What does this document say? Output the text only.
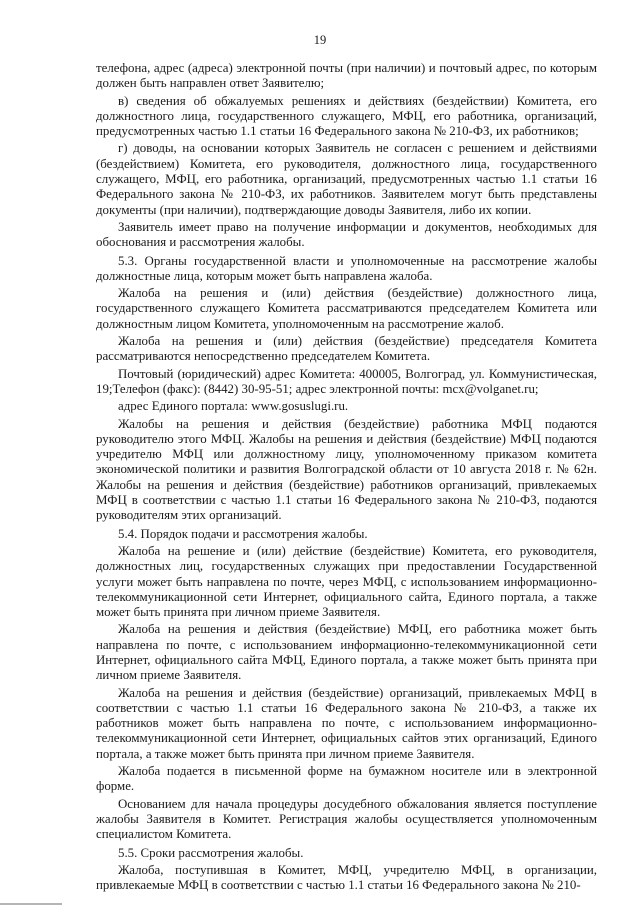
19

телефона, адрес (адреса) электронной почты (при наличии) и почтовый адрес, по которым должен быть направлен ответ Заявителю;

в) сведения об обжалуемых решениях и действиях (бездействии) Комитета, его должностного лица, государственного служащего, МФЦ, его работника, организаций, предусмотренных частью 1.1 статьи 16 Федерального закона № 210-ФЗ, их работников;

г) доводы, на основании которых Заявитель не согласен с решением и действиями (бездействием) Комитета, его руководителя, должностного лица, государственного служащего, МФЦ, его работника, организаций, предусмотренных частью 1.1 статьи 16 Федерального закона № 210-ФЗ, их работников. Заявителем могут быть представлены документы (при наличии), подтверждающие доводы Заявителя, либо их копии.

Заявитель имеет право на получение информации и документов, необходимых для обоснования и рассмотрения жалобы.

5.3. Органы государственной власти и уполномоченные на рассмотрение жалобы должностные лица, которым может быть направлена жалоба.

Жалоба на решения и (или) действия (бездействие) должностного лица, государственного служащего Комитета рассматриваются председателем Комитета или должностным лицом Комитета, уполномоченным на рассмотрение жалоб.

Жалоба на решения и (или) действия (бездействие) председателя Комитета рассматриваются непосредственно председателем Комитета.

Почтовый (юридический) адрес Комитета: 400005, Волгоград, ул. Коммунистическая, 19;Телефон (факс): (8442) 30-95-51; адрес электронной почты: mcx@volganet.ru;

адрес Единого портала: www.gosuslugi.ru.

Жалобы на решения и действия (бездействие) работника МФЦ подаются руководителю этого МФЦ. Жалобы на решения и действия (бездействие) МФЦ подаются учредителю МФЦ или должностному лицу, уполномоченному приказом комитета экономической политики и развития Волгоградской области от 10 августа 2018 г. № 62н. Жалобы на решения и действия (бездействие) работников организаций, привлекаемых МФЦ в соответствии с частью 1.1 статьи 16 Федерального закона № 210-ФЗ, подаются руководителям этих организаций.

5.4. Порядок подачи и рассмотрения жалобы.

Жалоба на решение и (или) действие (бездействие) Комитета, его руководителя, должностных лиц, государственных служащих при предоставлении Государственной услуги может быть направлена по почте, через МФЦ, с использованием информационно-телекоммуникационной сети Интернет, официального сайта, Единого портала, а также может быть принята при личном приеме Заявителя.

Жалоба на решения и действия (бездействие) МФЦ, его работника может быть направлена по почте, с использованием информационно-телекоммуникационной сети Интернет, официального сайта МФЦ, Единого портала, а также может быть принята при личном приеме Заявителя.

Жалоба на решения и действия (бездействие) организаций, привлекаемых МФЦ в соответствии с частью 1.1 статьи 16 Федерального закона № 210-ФЗ, а также их работников может быть направлена по почте, с использованием информационно-телекоммуникационной сети Интернет, официальных сайтов этих организаций, Единого портала, а также может быть принята при личном приеме Заявителя.

Жалоба подается в письменной форме на бумажном носителе или в электронной форме.

Основанием для начала процедуры досудебного обжалования является поступление жалобы Заявителя в Комитет. Регистрация жалобы осуществляется уполномоченным специалистом Комитета.

5.5. Сроки рассмотрения жалобы.

Жалоба, поступившая в Комитет, МФЦ, учредителю МФЦ, в организации, привлекаемые МФЦ в соответствии с частью 1.1 статьи 16 Федерального закона № 210-
